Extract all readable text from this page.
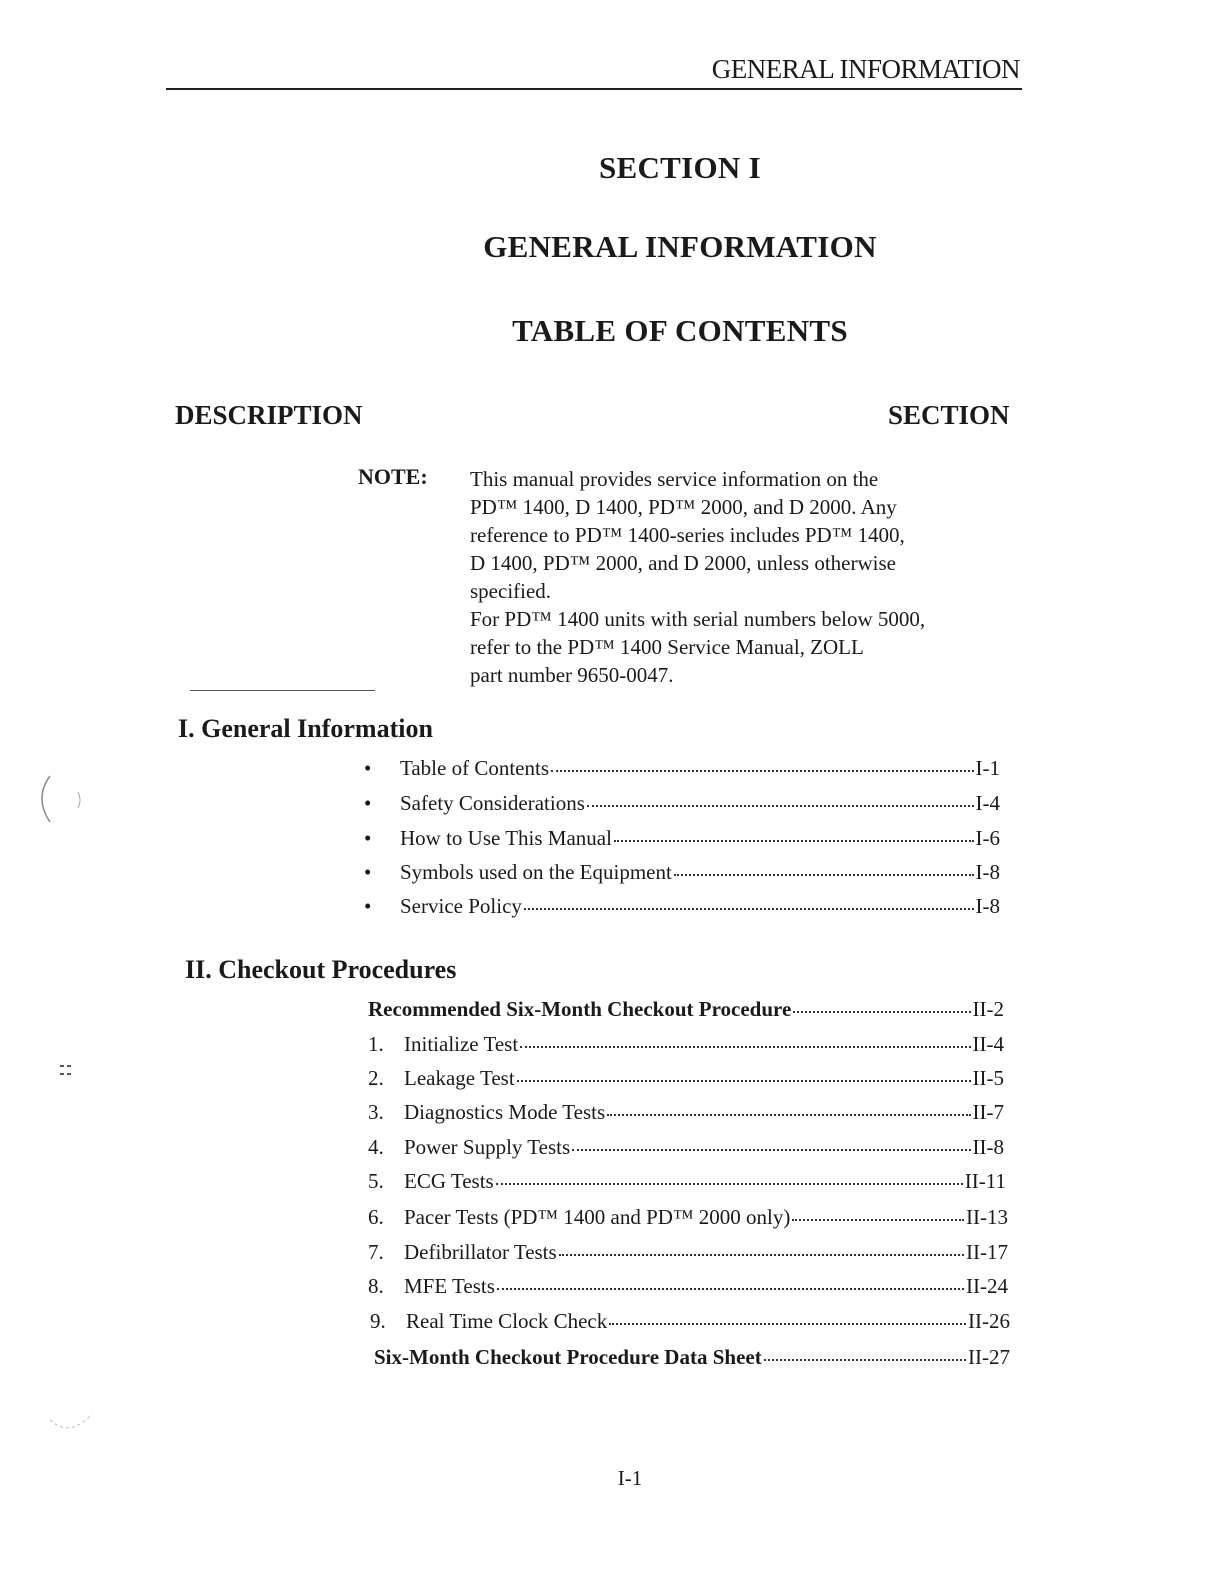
GENERAL INFORMATION
SECTION I
GENERAL INFORMATION
TABLE OF CONTENTS
DESCRIPTION	SECTION
NOTE: This manual provides service information on the
PD™ 1400, D 1400, PD™ 2000, and D 2000. Any
reference to PD™ 1400-series includes PD™ 1400,
D 1400, PD™ 2000, and D 2000, unless otherwise
specified.
For PD™ 1400 units with serial numbers below 5000,
refer to the PD™ 1400 Service Manual, ZOLL
part number 9650-0047.
I. General Information
• Table of Contents	I-1
• Safety Considerations	I-4
• How to Use This Manual	I-6
• Symbols used on the Equipment	I-8
• Service Policy	I-8
II. Checkout Procedures
Recommended Six-Month Checkout Procedure	II-2
1. Initialize Test	II-4
2. Leakage Test	II-5
3. Diagnostics Mode Tests	II-7
4. Power Supply Tests	II-8
5. ECG Tests	II-11
6. Pacer Tests (PD™ 1400 and PD™ 2000 only)	II-13
7. Defibrillator Tests	II-17
8. MFE Tests	II-24
9. Real Time Clock Check	II-26
Six-Month Checkout Procedure Data Sheet	II-27
I-1
